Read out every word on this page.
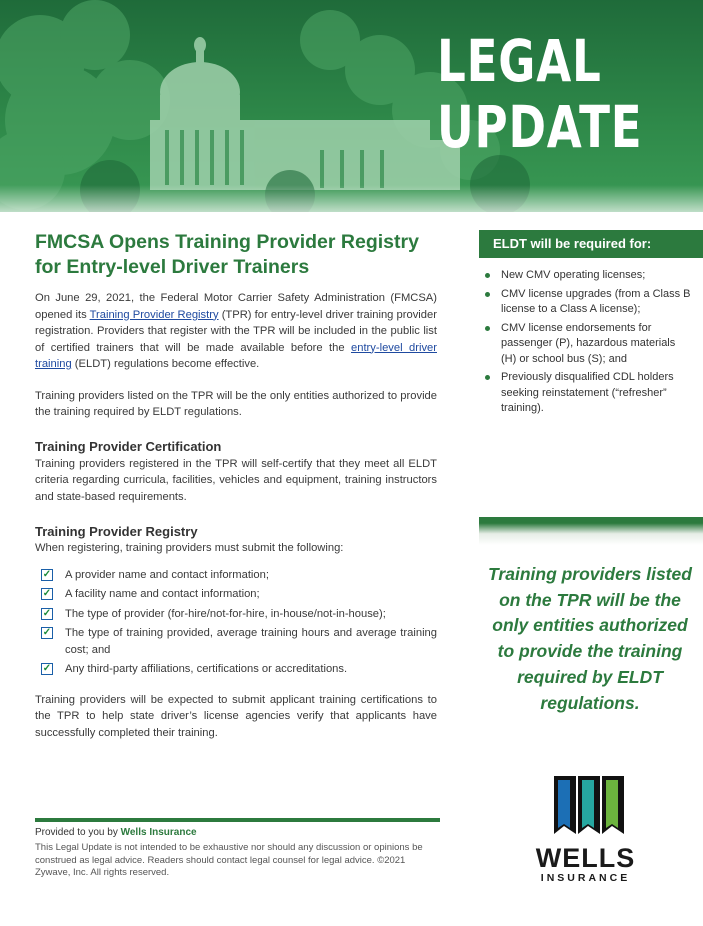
LEGAL
UPDATE
FMCSA Opens Training Provider Registry
for Entry-level Driver Trainers

On June 29, 2021, the Federal Motor Carrier Safety Administration (FMCSA) opened its Training Provider Registry (TPR) for entry-level driver training provider registration. Providers that register with the TPR will be included in the public list of certified trainers that will be made available before the entry-level driver training (ELDT) regulations become effective.

Training providers listed on the TPR will be the only entities authorized to provide the training required by ELDT regulations.

Training Provider Certification

Training providers registered in the TPR will self-certify that they meet all ELDT criteria regarding curricula, facilities, vehicles and equipment, training instructors and state-based requirements.

Training Provider Registry

When registering, training providers must submit the following:

✓ A provider name and contact information;
✓ A facility name and contact information;
✓ The type of provider (for-hire/not-for-hire, in-house/not-in-house);
✓ The type of training provided, average training hours and average training cost; and
✓ Any third-party affiliations, certifications or accreditations.

Training providers will be expected to submit applicant training certifications to the TPR to help state driver’s license agencies verify that applicants have successfully completed their training.

ELDT will be required for:
New CMV operating licenses;
CMV license upgrades (from a Class B license to a Class A license);
CMV license endorsements for passenger (P), hazardous materials (H) or school bus (S); and
Previously disqualified CDL holders seeking reinstatement (“refresher” training).
Training providers listed on the TPR will be the only entities authorized to provide the training required by ELDT regulations.
Provided to you by Wells Insurance
This Legal Update is not intended to be exhaustive nor should any discussion or opinions be construed as legal advice. Readers should contact legal counsel for legal advice. ©2021 Zywave, Inc. All rights reserved.	WELLS
INSURANCE
